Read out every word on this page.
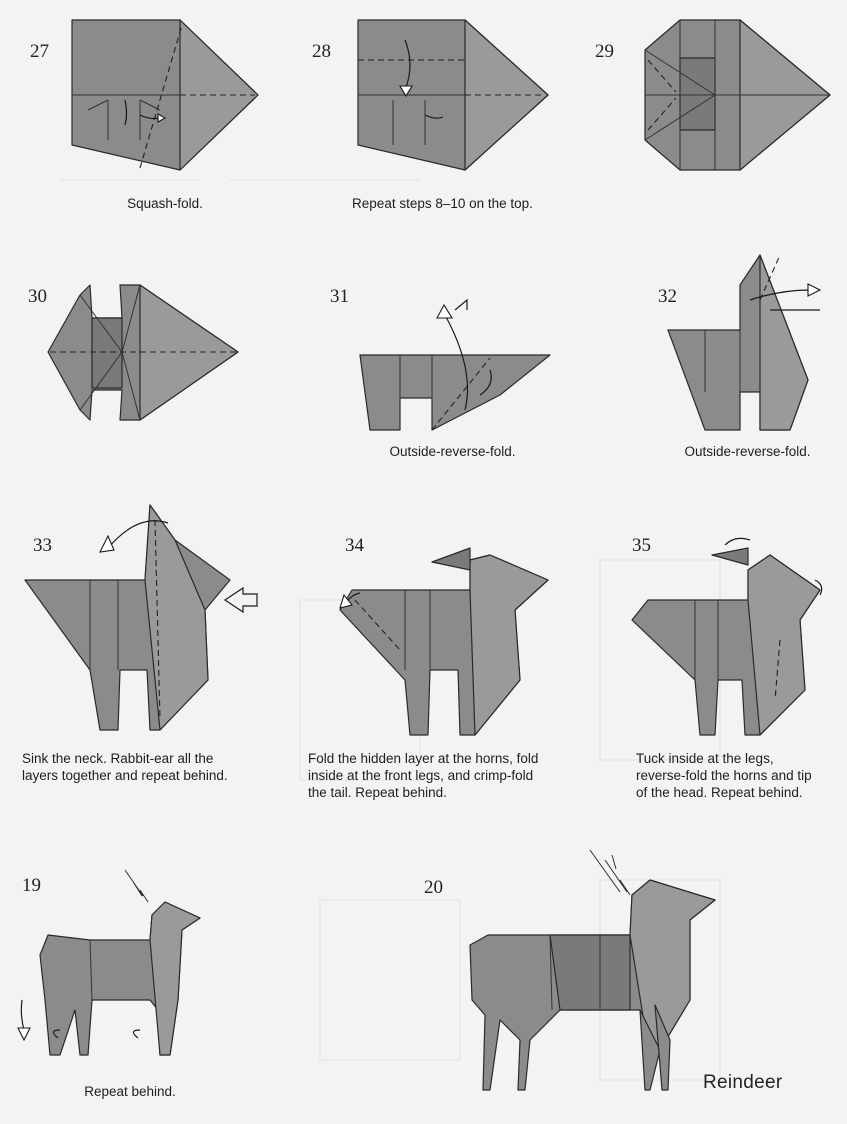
27
Squash-fold.
28
Repeat steps 8–10 on the top.
29
30	31
Outside-reverse-fold.
32
Outside-reverse-fold.
33
Sink the neck. Rabbit-ear all the
layers together and repeat behind.
34
Fold the hidden layer at the horns, fold
inside at the front legs, and crimp-fold
the tail. Repeat behind.
35
Tuck inside at the legs,
reverse-fold the horns and tip
of the head. Repeat behind.
19
Repeat behind.
20
Reindeer
